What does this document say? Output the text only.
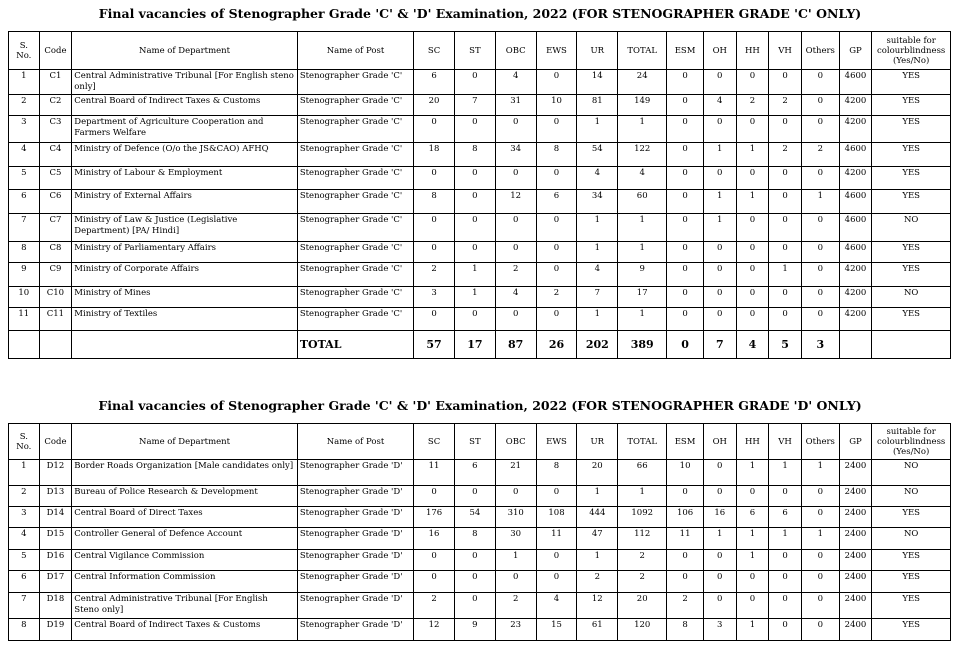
Final vacancies of Stenographer Grade 'C' & 'D' Examination, 2022 (FOR STENOGRAPHER GRADE 'C' ONLY)
S. No.	Code	Name of Department	Name of Post	SC	ST	OBC	EWS	UR	TOTAL	ESM	OH	HH	VH	Others	GP	suitable for colourblindness (Yes/No)
1	C1	Central Administrative Tribunal [For English steno only]	Stenographer Grade 'C'	6	0	4	0	14	24	0	0	0	0	0	4600	YES
2	C2	Central Board of Indirect Taxes & Customs	Stenographer Grade 'C'	20	7	31	10	81	149	0	4	2	2	0	4200	YES
3	C3	Department of Agriculture Cooperation and Farmers Welfare	Stenographer Grade 'C'	0	0	0	0	1	1	0	0	0	0	0	4200	YES
4	C4	Ministry of Defence (O/o the JS&CAO) AFHQ	Stenographer Grade 'C'	18	8	34	8	54	122	0	1	1	2	2	4600	YES
5	C5	Ministry of Labour & Employment	Stenographer Grade 'C'	0	0	0	0	4	4	0	0	0	0	0	4200	YES
6	C6	Ministry of External Affairs	Stenographer Grade 'C'	8	0	12	6	34	60	0	1	1	0	1	4600	YES
7	C7	Ministry of Law & Justice (Legislative Department) [PA/ Hindi]	Stenographer Grade 'C'	0	0	0	0	1	1	0	1	0	0	0	4600	NO
8	C8	Ministry of Parliamentary Affairs	Stenographer Grade 'C'	0	0	0	0	1	1	0	0	0	0	0	4600	YES
9	C9	Ministry of Corporate Affairs	Stenographer Grade 'C'	2	1	2	0	4	9	0	0	0	1	0	4200	YES
10	C10	Ministry of Mines	Stenographer Grade 'C'	3	1	4	2	7	17	0	0	0	0	0	4200	NO
11	C11	Ministry of Textiles	Stenographer Grade 'C'	0	0	0	0	1	1	0	0	0	0	0	4200	YES
			TOTAL	57	17	87	26	202	389	0	7	4	5	3		
Final vacancies of Stenographer Grade 'C' & 'D' Examination, 2022 (FOR STENOGRAPHER GRADE 'D' ONLY)
S. No.	Code	Name of Department	Name of Post	SC	ST	OBC	EWS	UR	TOTAL	ESM	OH	HH	VH	Others	GP	suitable for colourblindness (Yes/No)
1	D12	Border Roads Organization [Male candidates only]	Stenographer Grade 'D'	11	6	21	8	20	66	10	0	1	1	1	2400	NO
2	D13	Bureau of Police Research & Development	Stenographer Grade 'D'	0	0	0	0	1	1	0	0	0	0	0	2400	NO
3	D14	Central Board of Direct Taxes	Stenographer Grade 'D'	176	54	310	108	444	1092	106	16	6	6	0	2400	YES
4	D15	Controller General of Defence Account	Stenographer Grade 'D'	16	8	30	11	47	112	11	1	1	1	1	2400	NO
5	D16	Central Vigilance Commission	Stenographer Grade 'D'	0	0	1	0	1	2	0	0	1	0	0	2400	YES
6	D17	Central Information Commission	Stenographer Grade 'D'	0	0	0	0	2	2	0	0	0	0	0	2400	YES
7	D18	Central Administrative Tribunal [For English Steno only]	Stenographer Grade 'D'	2	0	2	4	12	20	2	0	0	0	0	2400	YES
8	D19	Central Board of Indirect Taxes & Customs	Stenographer Grade 'D'	12	9	23	15	61	120	8	3	1	0	0	2400	YES
